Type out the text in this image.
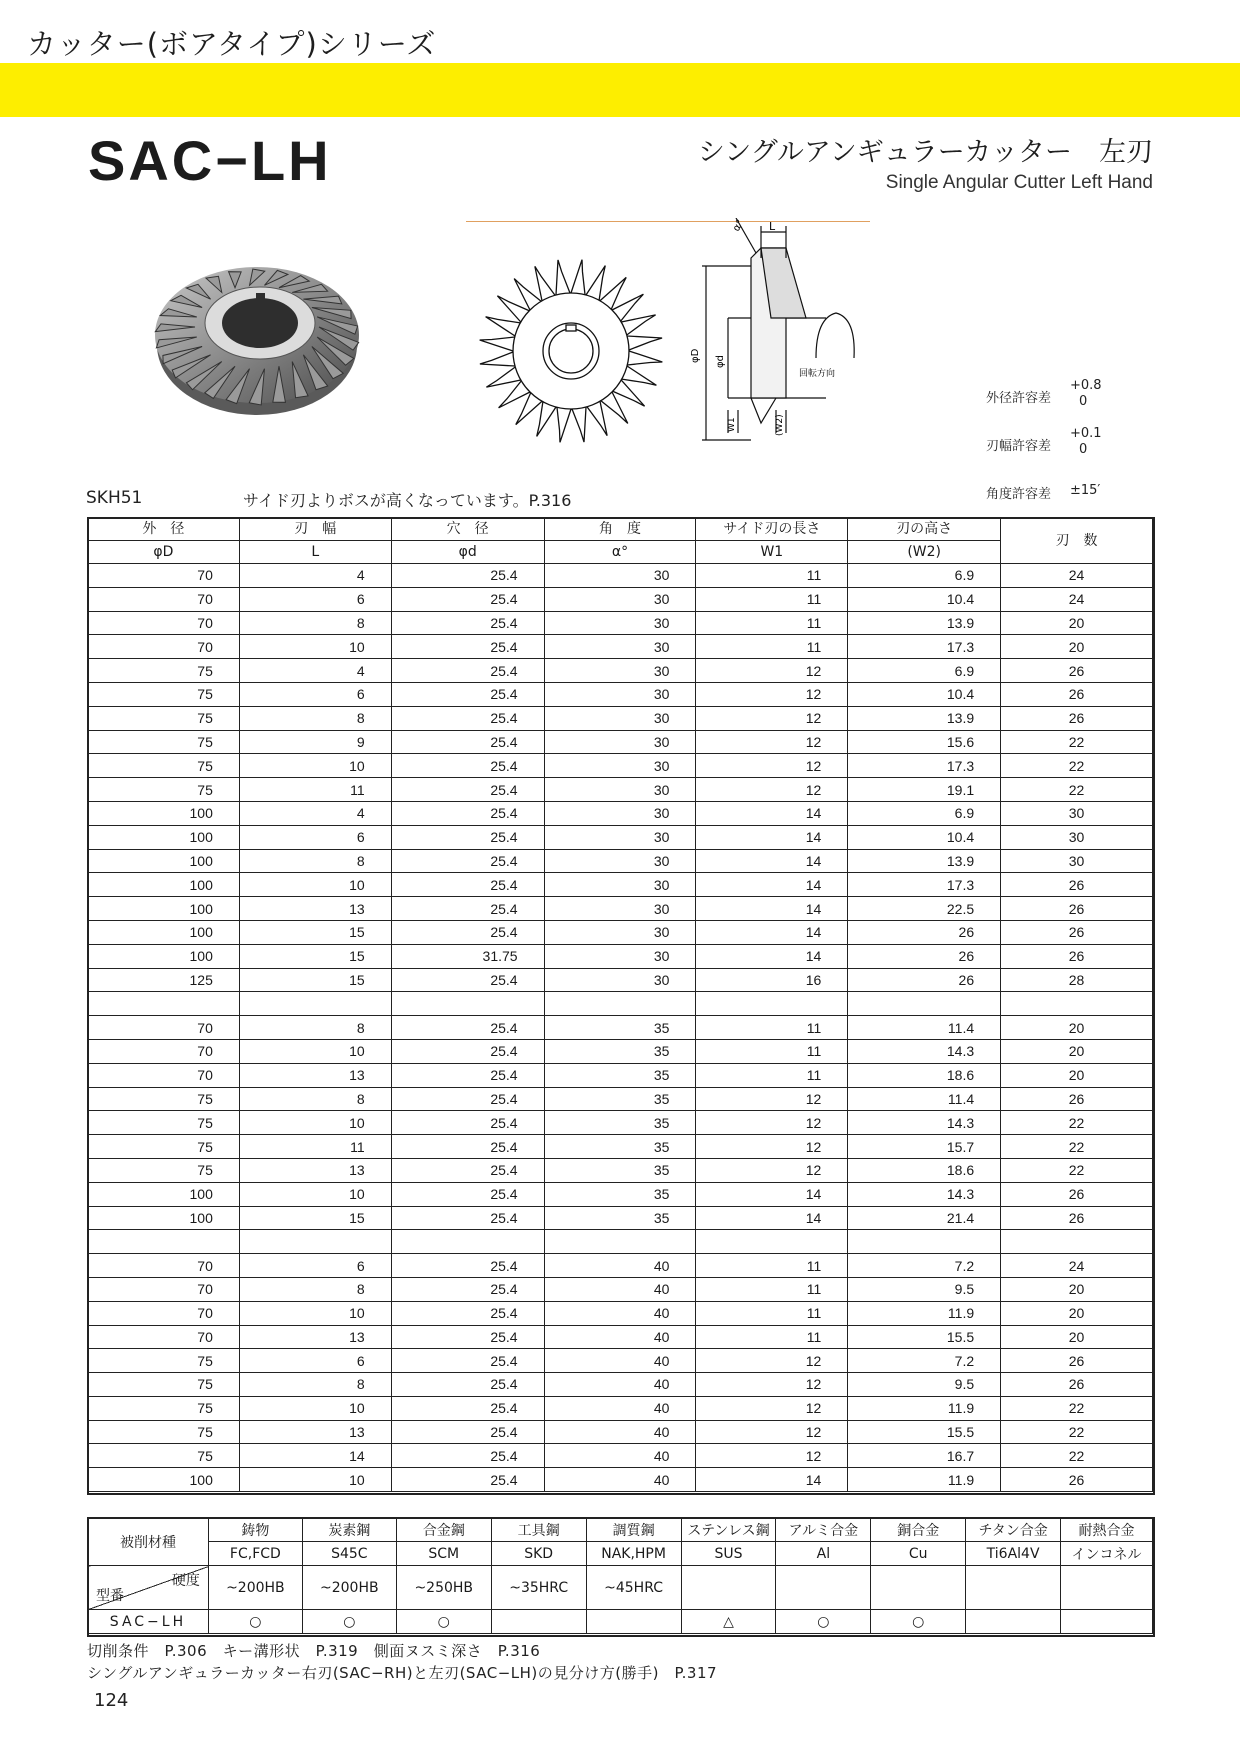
カッター(ボアタイプ)シリーズ
SAC−LH	シングルアンギュラーカッター　左刃
Single Angular Cutter Left Hand
α° L
φD φd
回転方向
W1	(W2)
外径許容差
+0.8
0
刃幅許容差
+0.1
0
角度許容差 ±15′
SKH51	サイド刃よりボスが高くなっています。P.316
外　径	刃　幅	穴　径	角　度	サイド刃の長さ	刃の高さ	刃　数
φD	L	φd	α°	W1	(W2)	
70	4	25.4	30	11	6.9	24
70	6	25.4	30	11	10.4	24
70	8	25.4	30	11	13.9	20
70	10	25.4	30	11	17.3	20
75	4	25.4	30	12	6.9	26
75	6	25.4	30	12	10.4	26
75	8	25.4	30	12	13.9	26
75	9	25.4	30	12	15.6	22
75	10	25.4	30	12	17.3	22
75	11	25.4	30	12	19.1	22
100	4	25.4	30	14	6.9	30
100	6	25.4	30	14	10.4	30
100	8	25.4	30	14	13.9	30
100	10	25.4	30	14	17.3	26
100	13	25.4	30	14	22.5	26
100	15	25.4	30	14	26	26
100	15	31.75	30	14	26	26
125	15	25.4	30	16	26	28

70	8	25.4	35	11	11.4	20
70	10	25.4	35	11	14.3	20
70	13	25.4	35	11	18.6	20
75	8	25.4	35	12	11.4	26
75	10	25.4	35	12	14.3	22
75	11	25.4	35	12	15.7	22
75	13	25.4	35	12	18.6	22
100	10	25.4	35	14	14.3	26
100	15	25.4	35	14	21.4	26

70	6	25.4	40	11	7.2	24
70	8	25.4	40	11	9.5	20
70	10	25.4	40	11	11.9	20
70	13	25.4	40	11	15.5	20
75	6	25.4	40	12	7.2	26
75	8	25.4	40	12	9.5	26
75	10	25.4	40	12	11.9	22
75	13	25.4	40	12	15.5	22
75	14	25.4	40	12	16.7	22
100	10	25.4	40	14	11.9	26
被削材種	鋳物	炭素鋼	合金鋼	工具鋼	調質鋼	ステンレス鋼	アルミ合金	銅合金	チタン合金	耐熱合金
	FC,FCD	S45C	SCM	SKD	NAK,HPM	SUS	Al	Cu	Ti6Al4V	インコネル

硬度
型番	~200HB	~200HB	~250HB	~35HRC	~45HRC					
SAC−LH	○	○	○			△	○	○		
切削条件　P.306　キー溝形状　P.319　側面ヌスミ深さ　P.316
シングルアンギュラーカッター右刃(SAC−RH)と左刃(SAC−LH)の見分け方(勝手)　P.317
124
